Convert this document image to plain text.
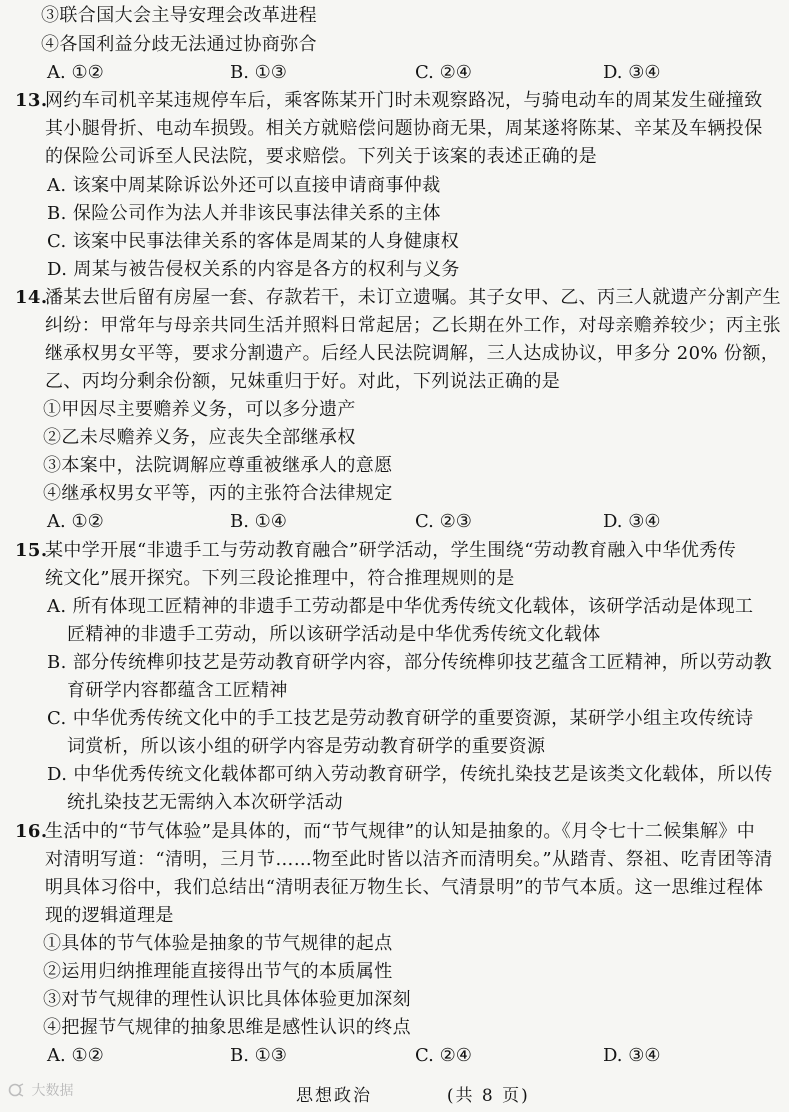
③联合国大会主导安理会改革进程
④各国利益分歧无法通过协商弥合
A. ①②	B. ①③	C. ②④	D. ③④
13.
网约车司机辛某违规停车后，乘客陈某开门时未观察路况，与骑电动车的周某发生碰撞致
其小腿骨折、电动车损毁。相关方就赔偿问题协商无果，周某遂将陈某、辛某及车辆投保
的保险公司诉至人民法院，要求赔偿。下列关于该案的表述正确的是
A. 该案中周某除诉讼外还可以直接申请商事仲裁
B. 保险公司作为法人并非该民事法律关系的主体
C. 该案中民事法律关系的客体是周某的人身健康权
D. 周某与被告侵权关系的内容是各方的权利与义务
14.
潘某去世后留有房屋一套、存款若干，未订立遗嘱。其子女甲、乙、丙三人就遗产分割产生
纠纷：甲常年与母亲共同生活并照料日常起居；乙长期在外工作，对母亲赡养较少；丙主张
继承权男女平等，要求分割遗产。后经人民法院调解，三人达成协议，甲多分 20% 份额，
乙、丙均分剩余份额，兄妹重归于好。对此，下列说法正确的是
①甲因尽主要赡养义务，可以多分遗产
②乙未尽赡养义务，应丧失全部继承权
③本案中，法院调解应尊重被继承人的意愿
④继承权男女平等，丙的主张符合法律规定
A. ①②	B. ①④	C. ②③	D. ③④
15.
某中学开展“非遗手工与劳动教育融合”研学活动，学生围绕“劳动教育融入中华优秀传
统文化”展开探究。下列三段论推理中，符合推理规则的是
A. 所有体现工匠精神的非遗手工劳动都是中华优秀传统文化载体，该研学活动是体现工
匠精神的非遗手工劳动，所以该研学活动是中华优秀传统文化载体
B. 部分传统榫卯技艺是劳动教育研学内容，部分传统榫卯技艺蕴含工匠精神，所以劳动教
育研学内容都蕴含工匠精神
C. 中华优秀传统文化中的手工技艺是劳动教育研学的重要资源，某研学小组主攻传统诗
词赏析，所以该小组的研学内容是劳动教育研学的重要资源
D. 中华优秀传统文化载体都可纳入劳动教育研学，传统扎染技艺是该类文化载体，所以传
统扎染技艺无需纳入本次研学活动
16.
生活中的“节气体验”是具体的，而“节气规律”的认知是抽象的。《月令七十二候集解》中
对清明写道：“清明，三月节……物至此时皆以洁齐而清明矣。”从踏青、祭祖、吃青团等清
明具体习俗中，我们总结出“清明表征万物生长、气清景明”的节气本质。这一思维过程体
现的逻辑道理是
①具体的节气体验是抽象的节气规律的起点
②运用归纳推理能直接得出节气的本质属性
③对节气规律的理性认识比具体体验更加深刻
④把握节气规律的抽象思维是感性认识的终点
A. ①②	B. ①③	C. ②④	D. ③④
思想政治	(共 8 页)
大数据
